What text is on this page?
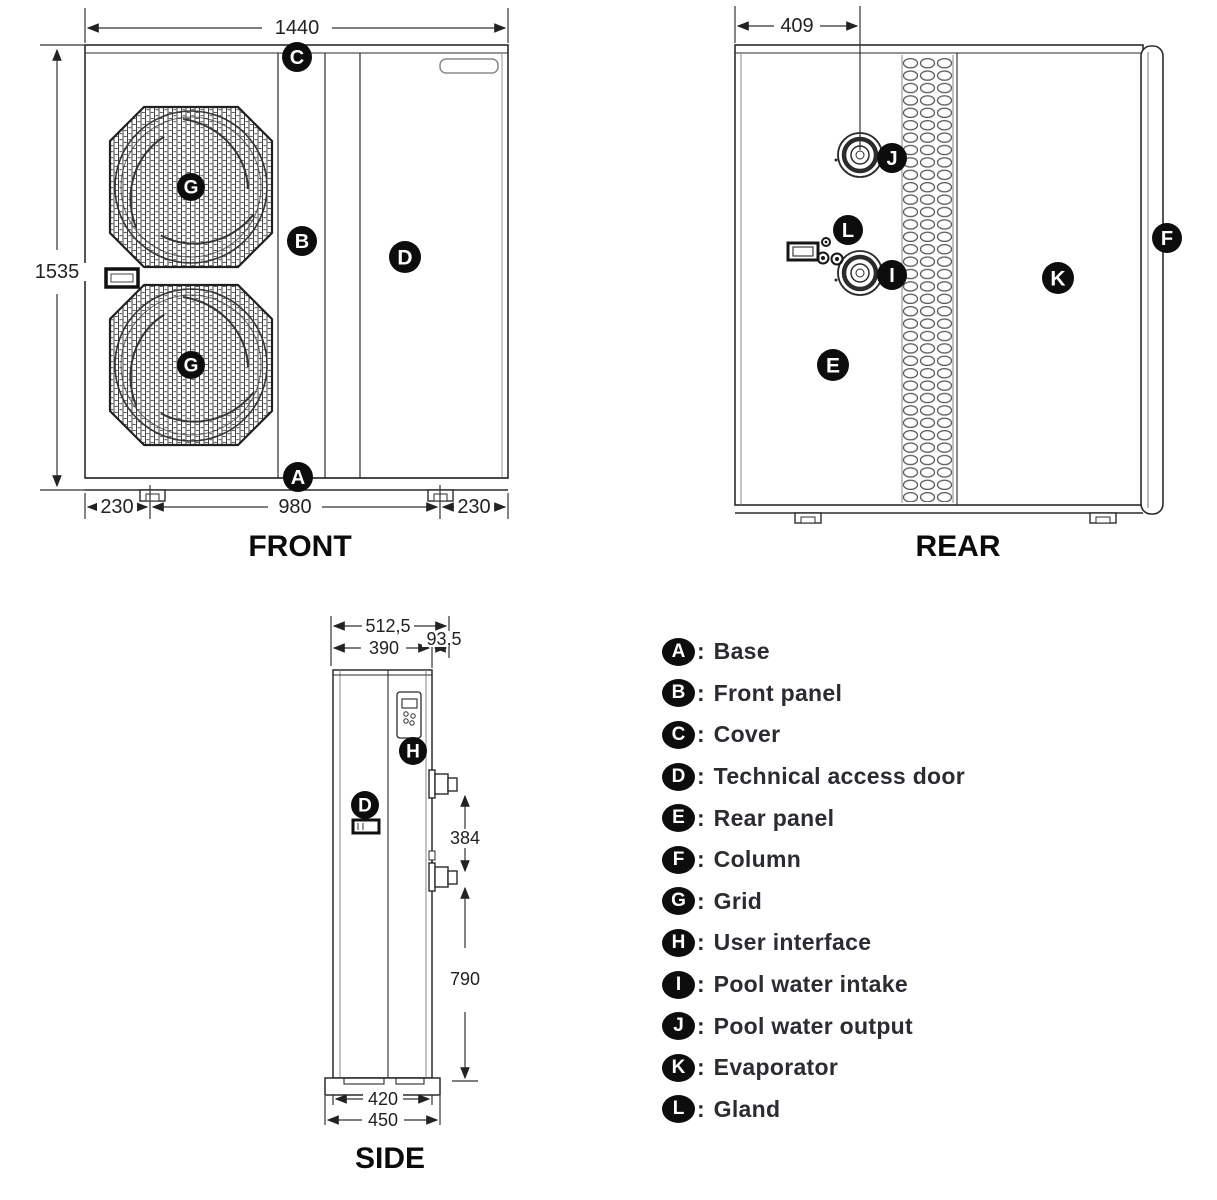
1440
1535
230	980	230
C
B
D
A
G
G
FRONT
409
J
L
I
E
K
F
REAR
512,5
390 93,5
384
790
420
450
H
D
SIDE
A : Base
B : Front panel
C : Cover
D : Technical access door
E : Rear panel
F : Column
G : Grid
H : User interface
I : Pool water intake
J : Pool water output
K : Evaporator
L : Gland
